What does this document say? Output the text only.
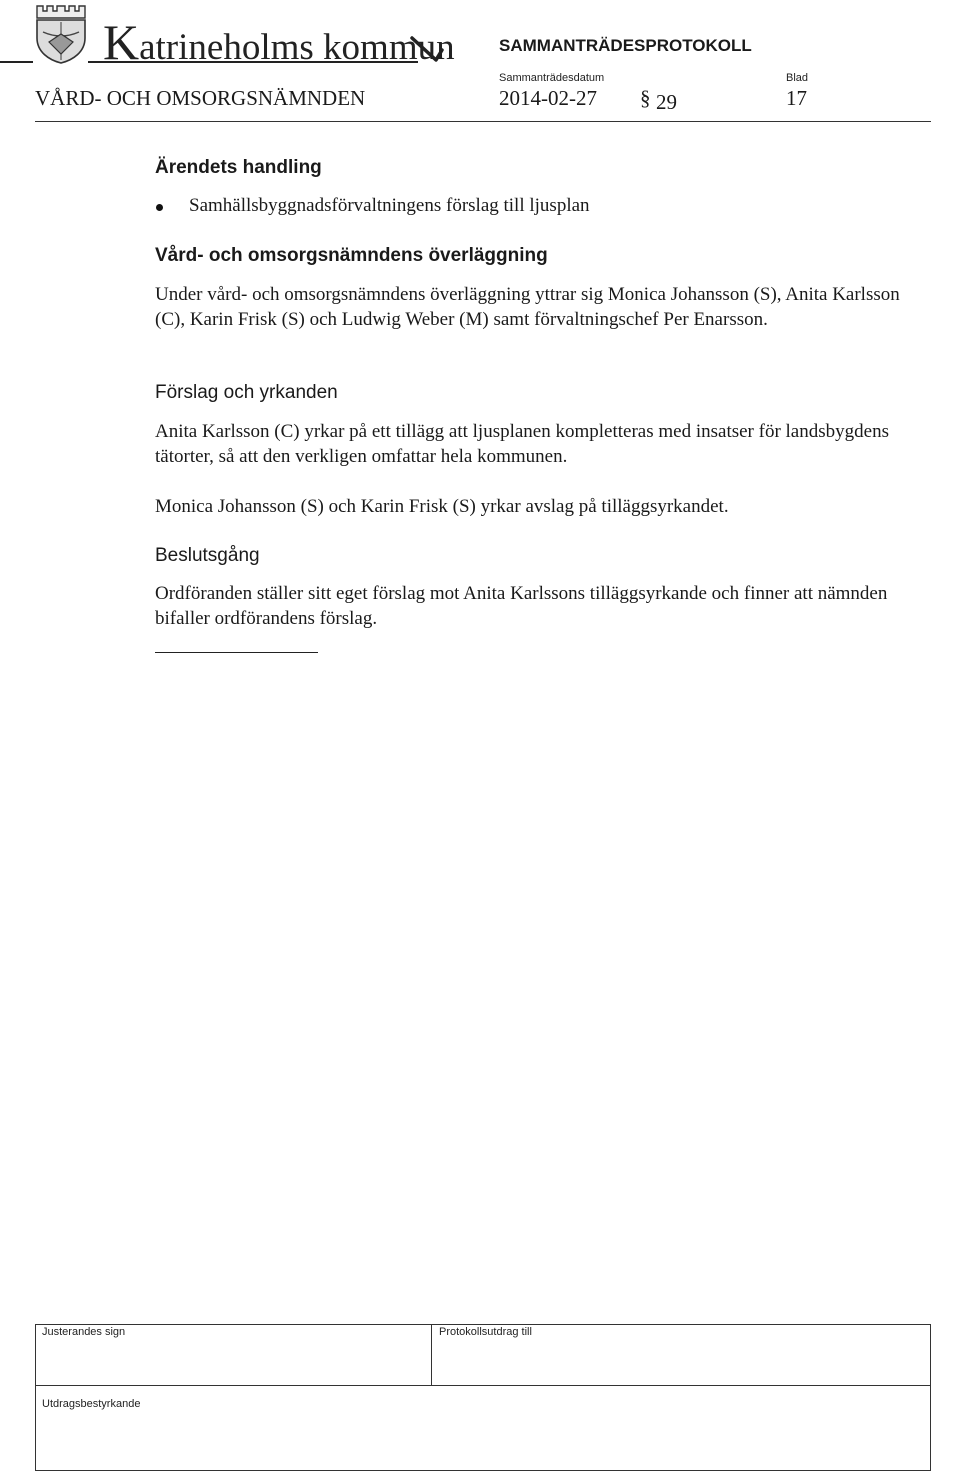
Katrineholms kommun	SAMMANTRÄDESPROTOKOLL
Sammanträdesdatum	Blad
VÅRD- OCH OMSORGSNÄMNDEN	2014-02-27 § 29	17
Ärendets handling
Samhällsbyggnadsförvaltningens förslag till ljusplan
Vård- och omsorgsnämndens överläggning
Under vård- och omsorgsnämndens överläggning yttrar sig Monica Johansson (S), Anita Karlsson (C), Karin Frisk (S) och Ludwig Weber (M) samt förvaltningschef Per Enarsson.
Förslag och yrkanden
Anita Karlsson (C) yrkar på ett tillägg att ljusplanen kompletteras med insatser för landsbygdens tätorter, så att den verkligen omfattar hela kommunen.
Monica Johansson (S) och Karin Frisk (S) yrkar avslag på tilläggsyrkandet.
Beslutsgång
Ordföranden ställer sitt eget förslag mot Anita Karlssons tilläggsyrkande och finner att nämnden bifaller ordförandens förslag.
Justerandes sign	Protokollsutdrag till
Utdragsbestyrkande
